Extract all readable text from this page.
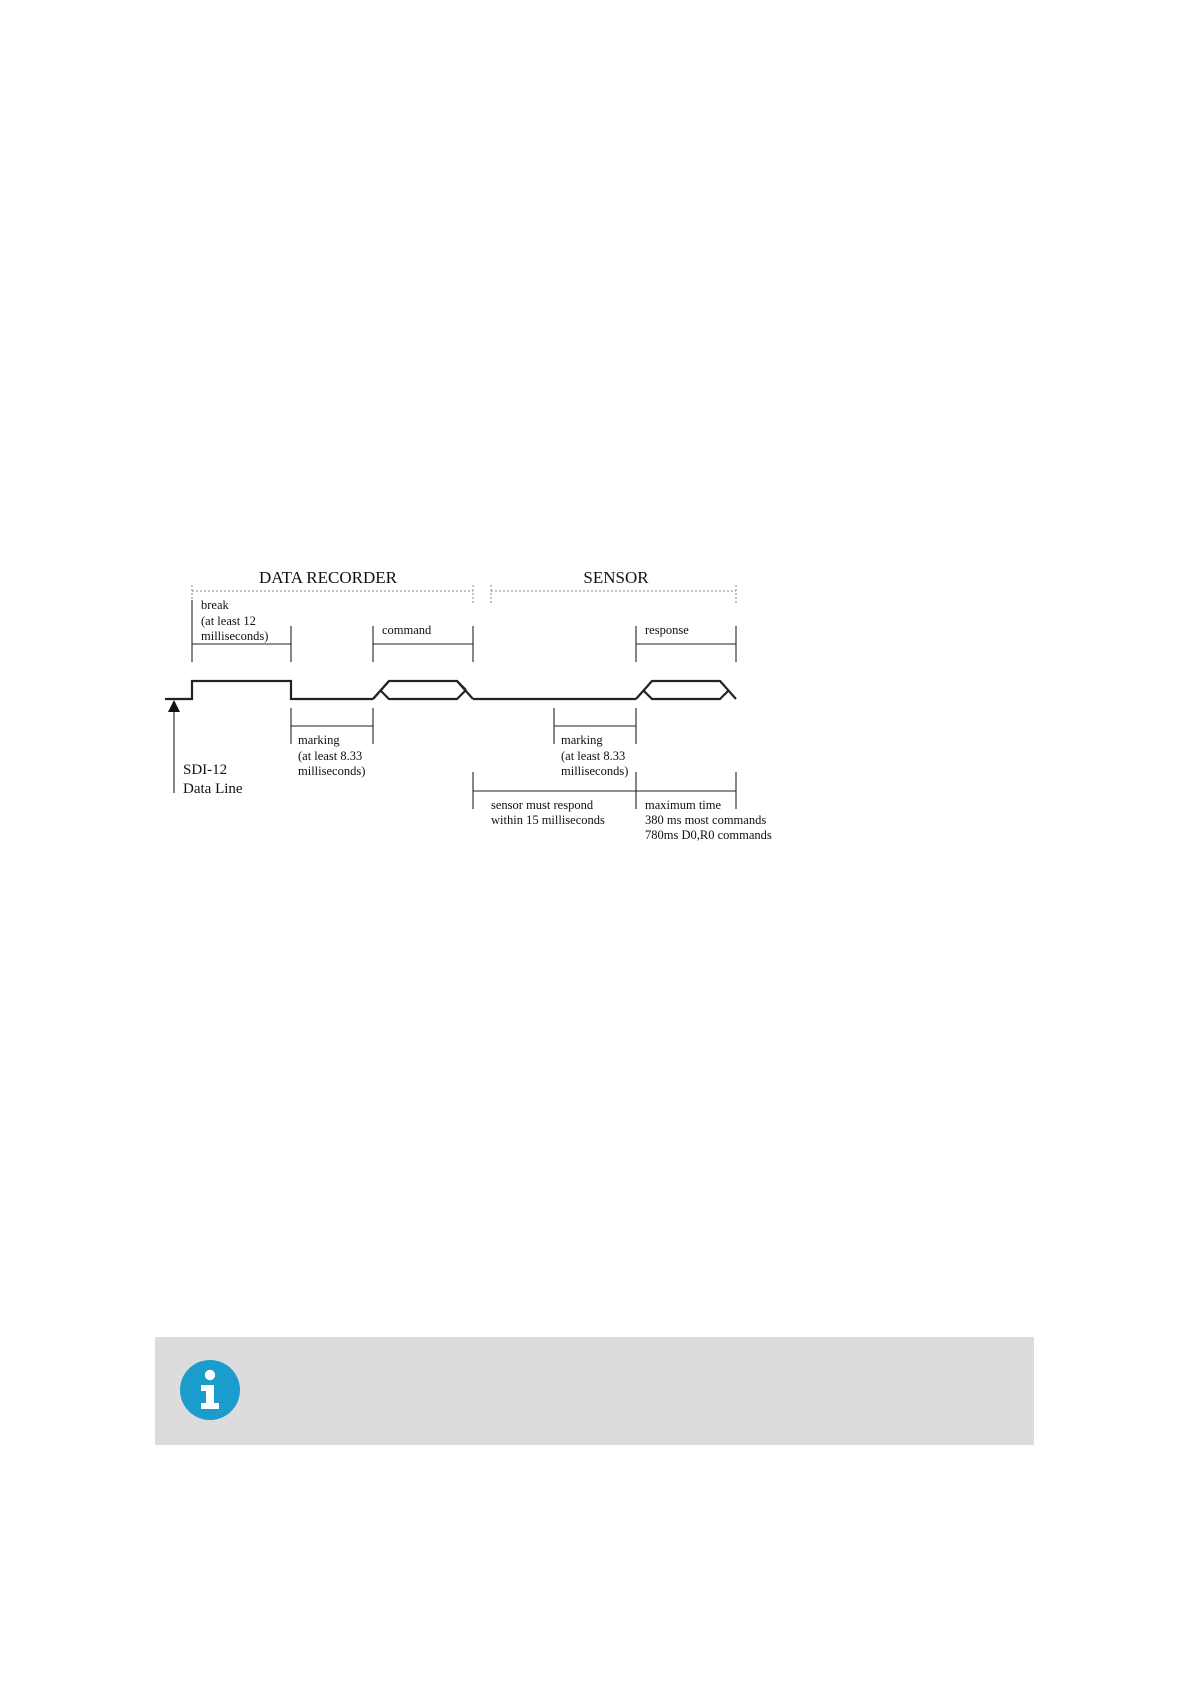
DATA RECORDER	SENSOR
break
(at least 12
milliseconds)	command	response
SDI-12
Data Line
marking
(at least 8.33
milliseconds)
marking
(at least 8.33
milliseconds)
sensor must respond
within 15 milliseconds
maximum time
380 ms most commands
780ms D0,R0 commands
